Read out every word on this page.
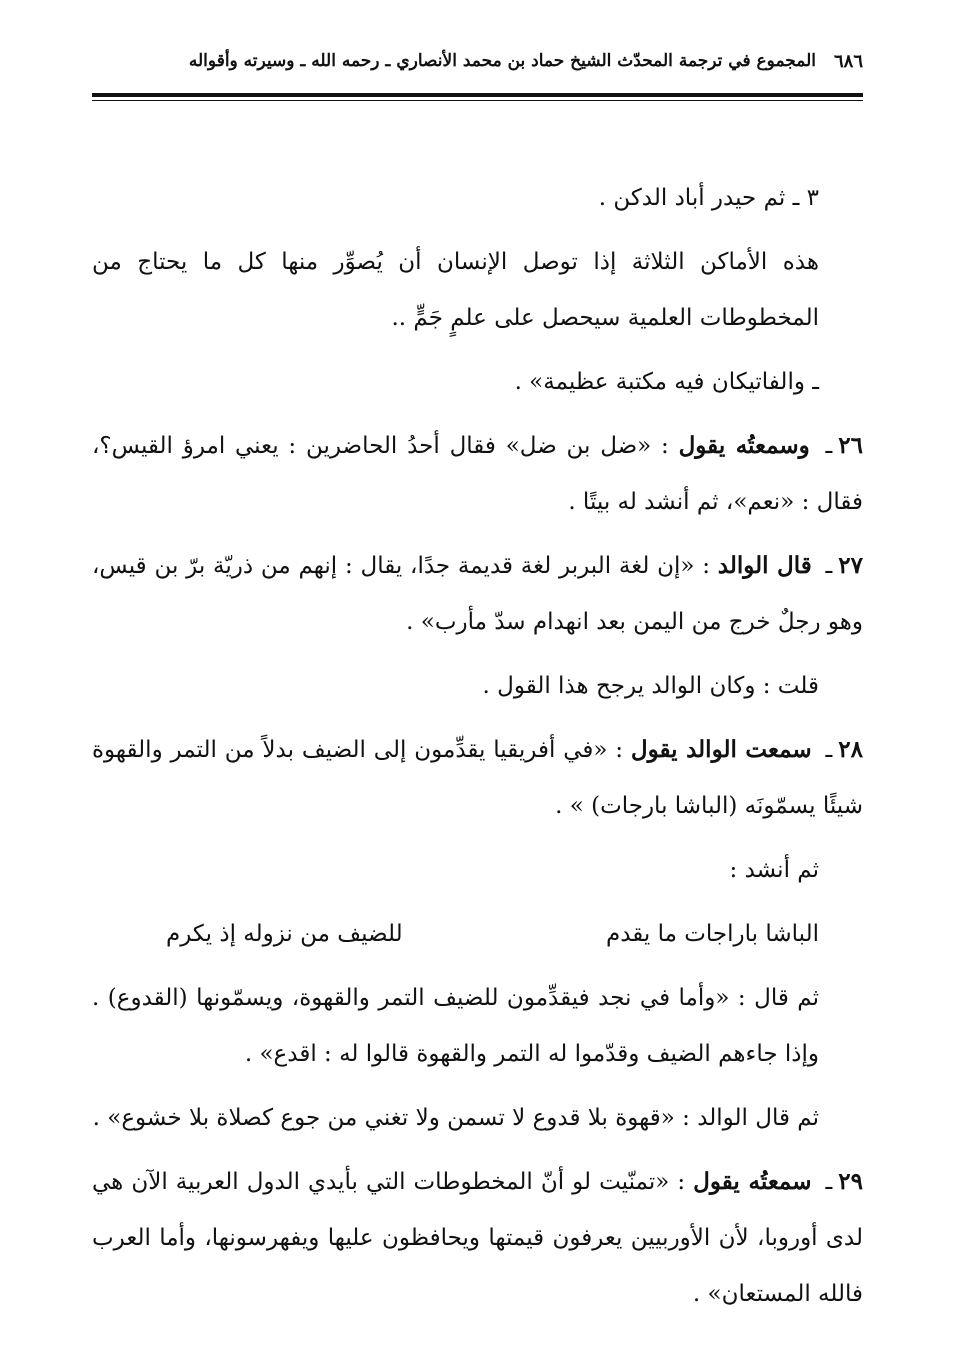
٦٨٦
المجموع في ترجمة المحدّث الشيخ حماد بن محمد الأنصاري ـ رحمه الله ـ وسيرته وأقواله

٣ ـ ثم حيدر أباد الدكن .

هذه الأماكن الثلاثة إذا توصل الإنسان أن يُصوِّر منها كل ما يحتاج من المخطوطات العلمية سيحصل على علمٍ جَمٍّ ..

ـ والفاتيكان فيه مكتبة عظيمة» .

٢٦ـ وسمعتُه يقول : «ضل بن ضل» فقال أحدُ الحاضرين : يعني امرؤ القيس؟، فقال : «نعم»، ثم أنشد له بيتًا .

٢٧ـ قال الوالد : «إن لغة البربر لغة قديمة جدًا، يقال : إنهم من ذريّة برّ بن قيس، وهو رجلٌ خرج من اليمن بعد انهدام سدّ مأرب» .

قلت : وكان الوالد يرجح هذا القول .

٢٨ـ سمعت الوالد يقول : «في أفريقيا يقدِّمون إلى الضيف بدلاً من التمر والقهوة شيئًا يسمّونَه (الباشا بارجات) » .

ثم أنشد :

الباشا باراجات ما يقدم
للضيف من نزوله إذ يكرم

ثم قال : «وأما في نجد فيقدِّمون للضيف التمر والقهوة، ويسمّونها (القدوع) . وإذا جاءهم الضيف وقدّموا له التمر والقهوة قالوا له : اقدع» .

ثم قال الوالد : «قهوة بلا قدوع لا تسمن ولا تغني من جوع كصلاة بلا خشوع» .

٢٩ـ سمعتُه يقول : «تمنّيت لو أنّ المخطوطات التي بأيدي الدول العربية الآن هي لدى أوروبا، لأن الأوربيين يعرفون قيمتها ويحافظون عليها ويفهرسونها، وأما العرب فالله المستعان» .
